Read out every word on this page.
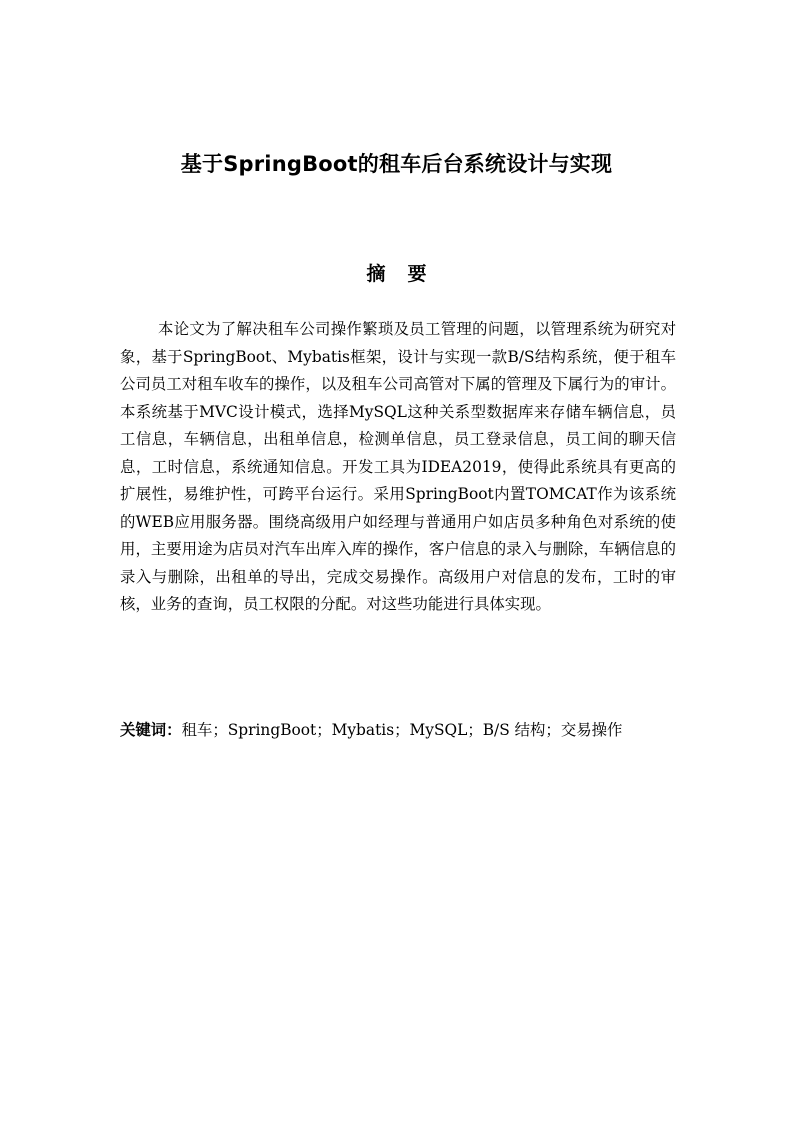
基于SpringBoot的租车后台系统设计与实现
摘要

本论文为了解决租车公司操作繁琐及员工管理的问题，以管理系统为研究对象，基于SpringBoot、Mybatis框架，设计与实现一款B/S结构系统，便于租车公司员工对租车收车的操作，以及租车公司高管对下属的管理及下属行为的审计。本系统基于MVC设计模式，选择MySQL这种关系型数据库来存储车辆信息，员工信息，车辆信息，出租单信息，检测单信息，员工登录信息，员工间的聊天信息，工时信息，系统通知信息。开发工具为IDEA2019，使得此系统具有更高的扩展性，易维护性，可跨平台运行。采用SpringBoot内置TOMCAT作为该系统的WEB应用服务器。围绕高级用户如经理与普通用户如店员多种角色对系统的使用，主要用途为店员对汽车出库入库的操作，客户信息的录入与删除，车辆信息的录入与删除，出租单的导出，完成交易操作。高级用户对信息的发布，工时的审核，业务的查询，员工权限的分配。对这些功能进行具体实现。

关键词：租车；SpringBoot；Mybatis；MySQL；B/S 结构；交易操作
